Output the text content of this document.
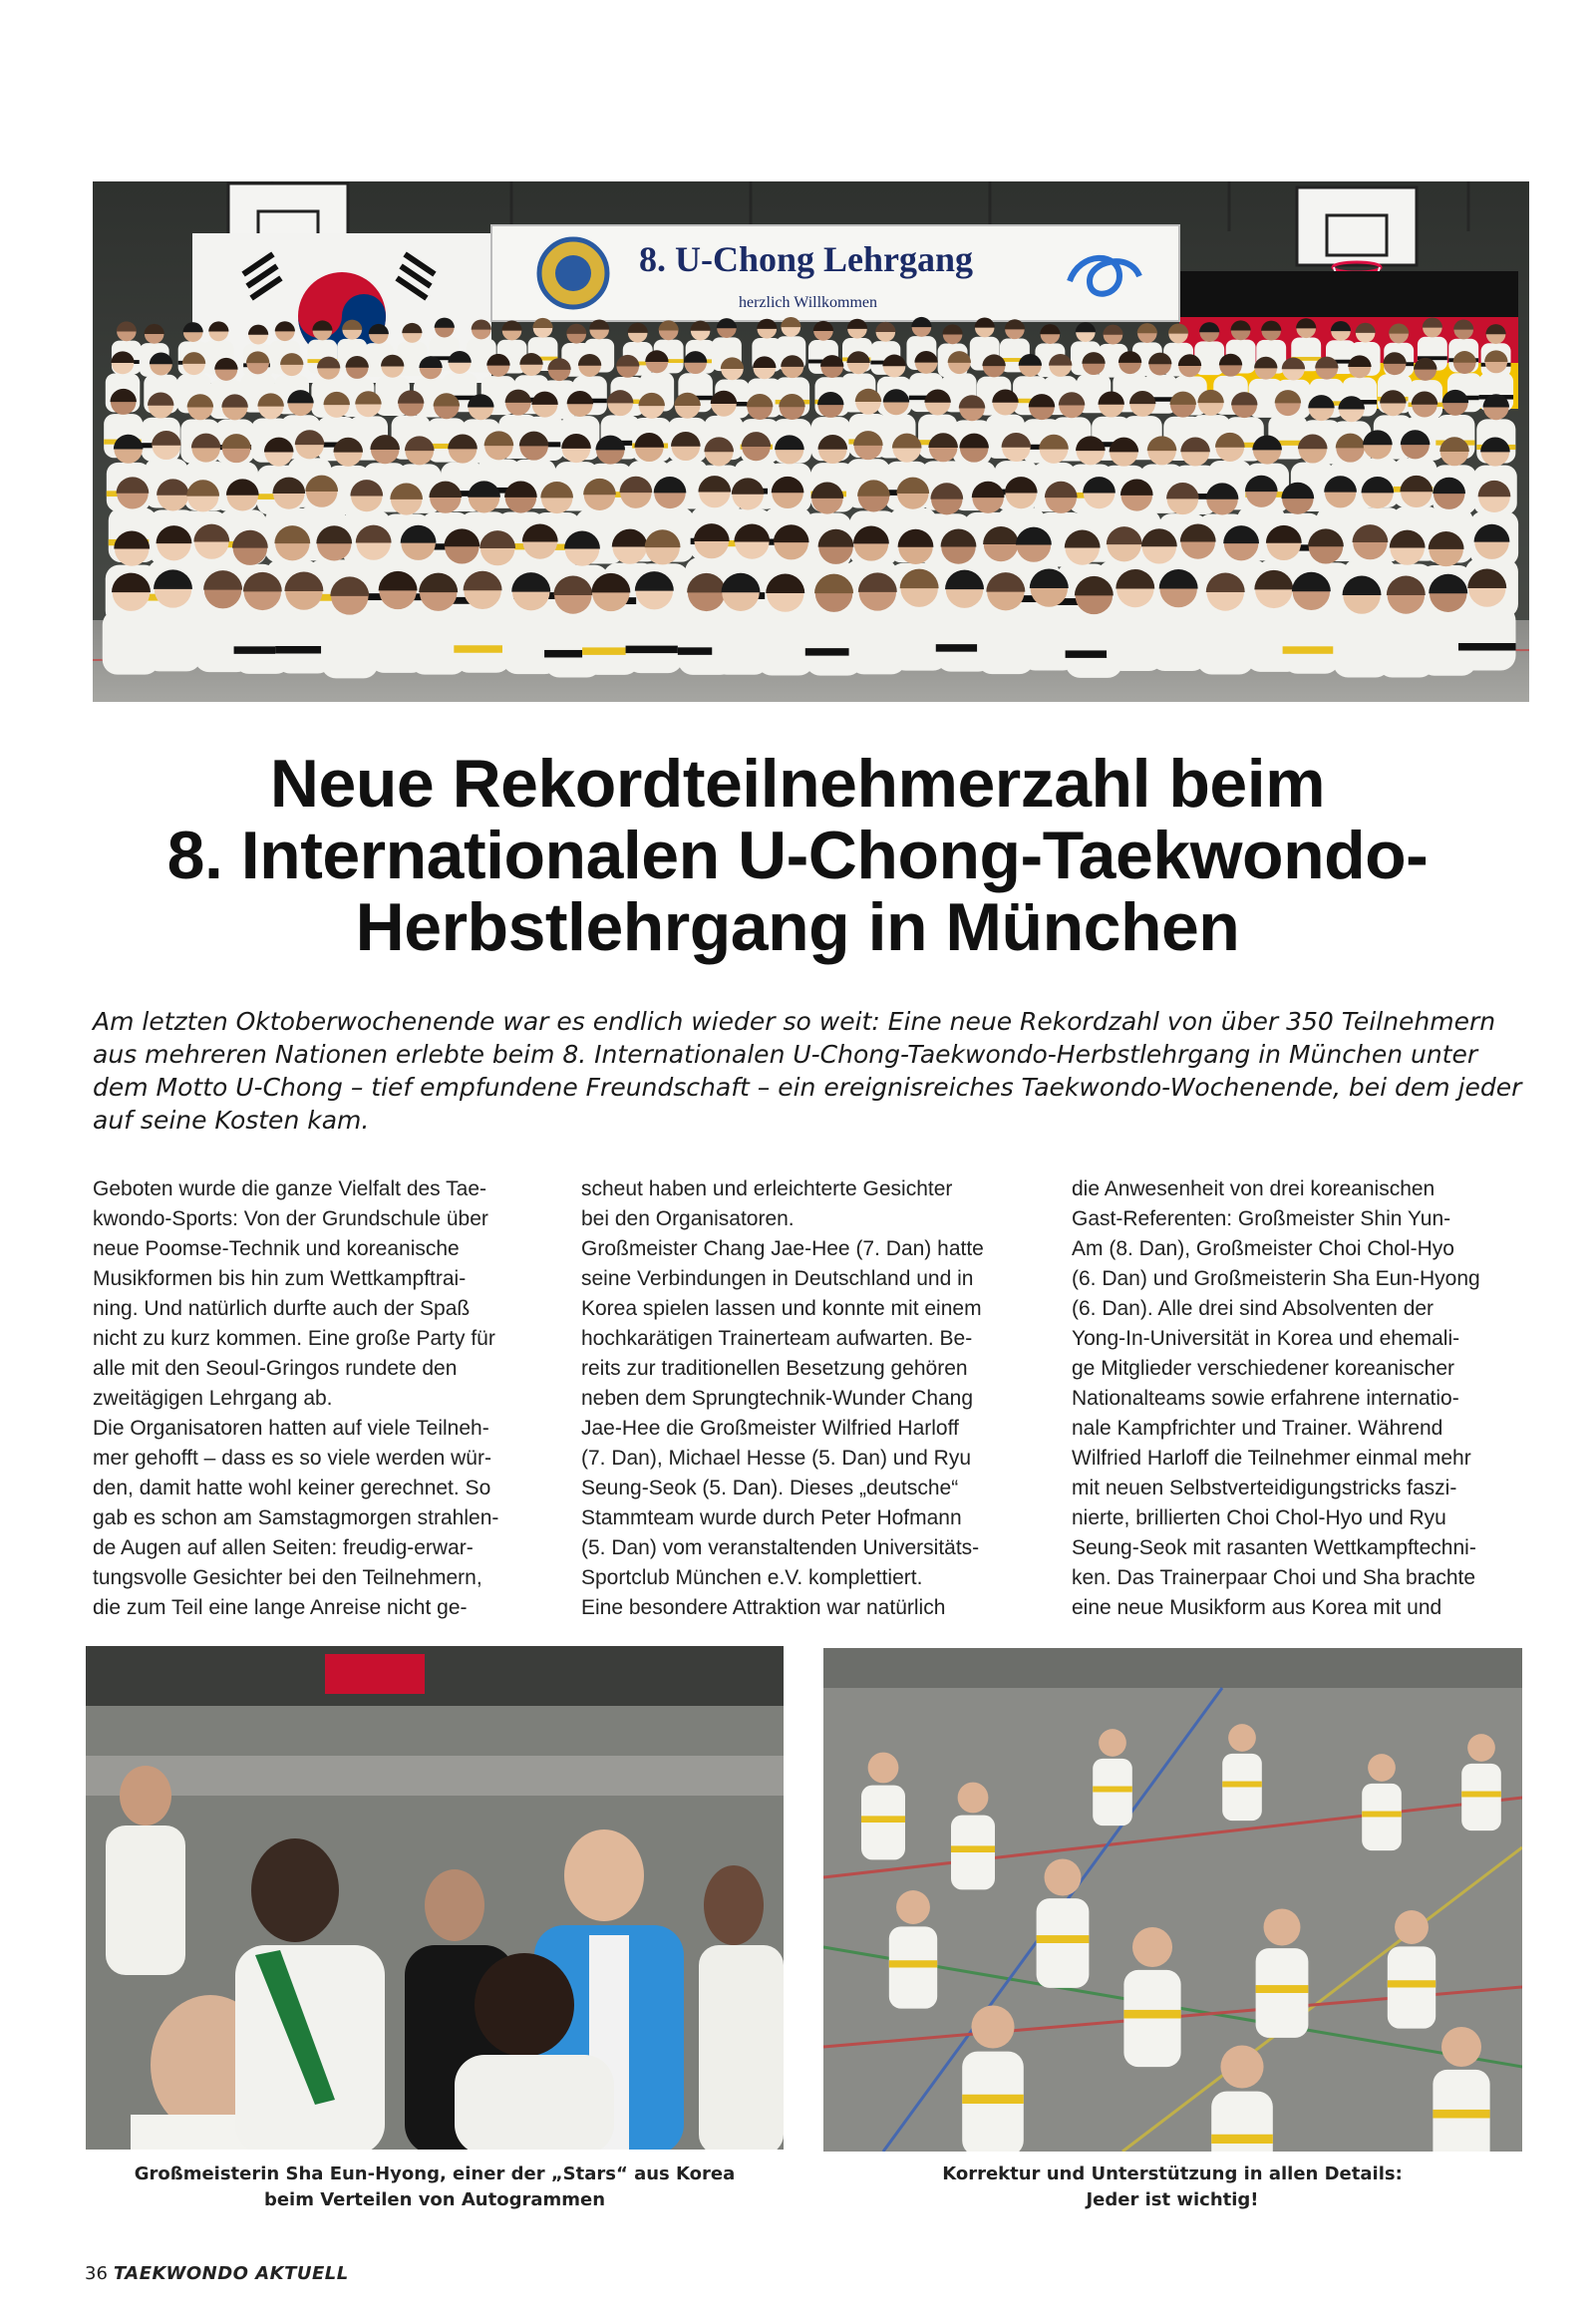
8. U-Chong Lehrgang
herzlich Willkommen
Neue Rekordteilnehmerzahl beim
8. Internationalen U-Chong-Taekwondo-
Herbstlehrgang in München

Am letzten Oktoberwochenende war es endlich wieder so weit: Eine neue Rekordzahl von über 350 Teilnehmern aus mehreren Nationen erlebte beim 8. Internationalen U-Chong-Taekwondo-Herbstlehrgang in München unter dem Motto U-Chong – tief empfundene Freundschaft – ein ereignisreiches Taekwondo-Wochenende, bei dem jeder auf seine Kosten kam.

Geboten wurde die ganze Vielfalt des Tae-
kwondo-Sports: Von der Grundschule über
neue Poomse-Technik und koreanische
Musikformen bis hin zum Wettkampftrai-
ning. Und natürlich durfte auch der Spaß
nicht zu kurz kommen. Eine große Party für
alle mit den Seoul-Gringos rundete den
zweitägigen Lehrgang ab.
Die Organisatoren hatten auf viele Teilneh-
mer gehofft – dass es so viele werden wür-
den, damit hatte wohl keiner gerechnet. So
gab es schon am Samstagmorgen strahlen-
de Augen auf allen Seiten: freudig-erwar-
tungsvolle Gesichter bei den Teilnehmern,
die zum Teil eine lange Anreise nicht ge-
scheut haben und erleichterte Gesichter
bei den Organisatoren.
Großmeister Chang Jae-Hee (7. Dan) hatte
seine Verbindungen in Deutschland und in
Korea spielen lassen und konnte mit einem
hochkarätigen Trainerteam aufwarten. Be-
reits zur traditionellen Besetzung gehören
neben dem Sprungtechnik-Wunder Chang
Jae-Hee die Großmeister Wilfried Harloff
(7. Dan), Michael Hesse (5. Dan) und Ryu
Seung-Seok (5. Dan). Dieses „deutsche“
Stammteam wurde durch Peter Hofmann
(5. Dan) vom veranstaltenden Universitäts-
Sportclub München e.V. komplettiert.
Eine besondere Attraktion war natürlich
die Anwesenheit von drei koreanischen
Gast-Referenten: Großmeister Shin Yun-
Am (8. Dan), Großmeister Choi Chol-Hyo
(6. Dan) und Großmeisterin Sha Eun-Hyong
(6. Dan). Alle drei sind Absolventen der
Yong-In-Universität in Korea und ehemali-
ge Mitglieder verschiedener koreanischer
Nationalteams sowie erfahrene internatio-
nale Kampfrichter und Trainer. Während
Wilfried Harloff die Teilnehmer einmal mehr
mit neuen Selbstverteidigungstricks faszi-
nierte, brillierten Choi Chol-Hyo und Ryu
Seung-Seok mit rasanten Wettkampftechni-
ken. Das Trainerpaar Choi und Sha brachte
eine neue Musikform aus Korea mit und

Großmeisterin Sha Eun-Hyong, einer der „Stars“ aus Korea
beim Verteilen von Autogrammen

Korrektur und Unterstützung in allen Details:
Jeder ist wichtig!

36 TAEKWONDO AKTUELL
